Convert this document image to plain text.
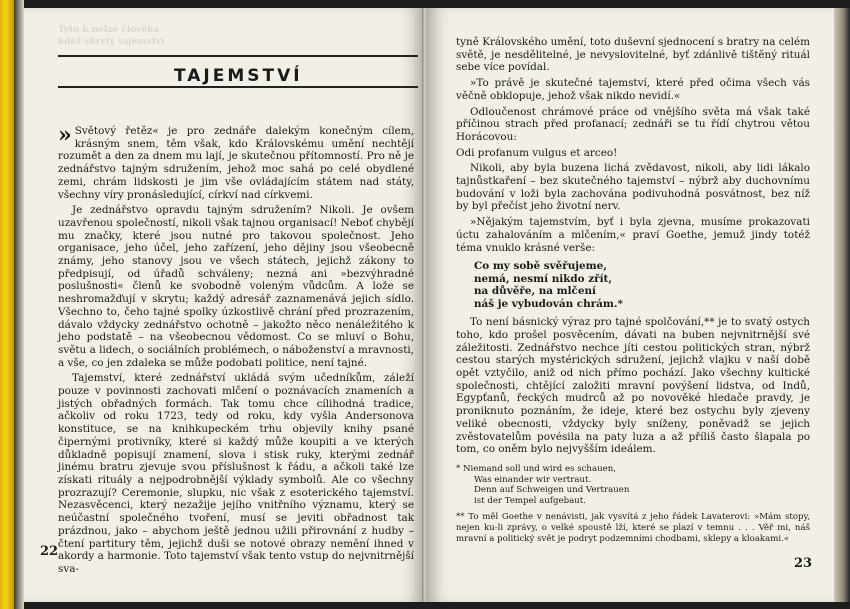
Tyto k nelze člověka
kdež skrytý tajemství
TAJEMSTVÍ

» Světový řetěz« je pro zednáře dalekým konečným cílem, krásným snem, těm však, kdo Královskému umění nechtějí rozumět a den za dnem mu lají, je skutečnou přítomností. Pro ně je zednářstvo tajným sdružením, jehož moc sahá po celé obydlené zemi, chrám lidskosti je jim vše ovládajícím státem nad státy, všechny víry pronásledující, církví nad církvemi.

Je zednářstvo opravdu tajným sdružením? Nikoli. Je ovšem uzavřenou společností, nikoli však tajnou organisací! Neboť chybějí mu značky, které jsou nutné pro takovou společnost. Jeho organisace, jeho účel, jeho zařízení, jeho dějiny jsou všeobecně známy, jeho stanovy jsou ve všech státech, jejichž zákony to předpisují, od úřadů schváleny; nezná ani »bezvýhradné poslušnosti« členů ke svobodně voleným vůdcům. A lože se neshromažďují v skrytu; každý adresář zaznamenává jejich sídlo. Všechno to, čeho tajné spolky úzkostlivě chrání před prozrazením, dávalo vždycky zednářstvo ochotně – jakožto něco nenáležitého k jeho podstatě – na všeobecnou vědomost. Co se mluví o Bohu, světu a lidech, o sociálních problémech, o náboženství a mravnosti, a vše, co jen zdaleka se může podobati politice, není tajné.

Tajemství, které zednářství ukládá svým učedníkům, záleží pouze v povinnosti zachovati mlčení o poznávacích znameních a jistých obřadných formách. Tak tomu chce cílihodná tradice, ačkoliv od roku 1723, tedy od roku, kdy vyšla Andersonova konstituce, se na knihkupeckém trhu objevily knihy psané čipernými protivníky, které si každý může koupiti a ve kterých důkladně popisují znamení, slova i stisk ruky, kterými zednář jinému bratru zjevuje svou příslušnost k řádu, a ačkoli také lze získati rituály a nejpodrobnější výklady symbolů. Ale co všechny prozrazují? Ceremonie, slupku, nic však z esoterického tajemství. Nezasvěcenci, který nezažije jejího vnitřního významu, který se neúčastní společného tvoření, musí se jeviti obřadnost tak prázdnou, jako – abychom ještě jednou užili přirovnání z hudby – čtení partitury těm, jejichž duši se notové obrazy nemění ihned v akordy a harmonie. Toto tajemství však tento vstup do nejvnitrnější sva-

22

tyně Královského umění, toto duševní sjednocení s bratry na celém světě, je nesdělitelné, je nevyslovitelné, byť zdánlivě tištěný rituál sebe více povídal.

»To právě je skutečné tajemství, které před očima všech vás věčně obklopuje, jehož však nikdo nevidí.«

Odloučenost chrámové práce od vnějšího světa má však také příčinou strach před profanací; zednáři se tu řídí chytrou větou Horácovou:

Odi profanum vulgus et arceo!

Nikoli, aby byla buzena lichá zvědavost, nikoli, aby lidi lákalo tajnůstkaření – bez skutečného tajemství – nýbrž aby duchovnímu budování v loži byla zachována podivuhodná posvátnost, bez níž by byl přečíst jeho životní nerv.

»Nějakým tajemstvím, byť i byla zjevna, musíme prokazovati úctu zahalováním a mlčením,« praví Goethe, jemuž jindy totéž téma vnuklo krásné verše:

Co my sobě svěřujeme,
nemá, nesmí nikdo zřít,
na důvěře, na mlčení
náš je vybudován chrám.*

To není básnický výraz pro tajné spolčování,** je to svatý ostych toho, kdo prošel posvěcením, dávati na buben nejvnitrnější své záležitosti. Zednářstvo nechce jíti cestou politických stran, nýbrž cestou starých mystérických sdružení, jejichž vlajku v naší době opět vztyčilo, aniž od nich přímo pochází. Jako všechny kultické společnosti, chtějící založiti mravní povýšení lidstva, od Indů, Egypťanů, řeckých mudrců až po novověké hledače pravdy, je proniknuto poznáním, že ideje, které bez ostychu byly zjeveny veliké obecnosti, vždycky byly sníženy, poněvadž se jejich zvěstovatelům povésila na paty luza a až příliš často šlapala po tom, co oněm bylo nejvyšším ideálem.

* Niemand soll und wird es schauen,
Was einander wir vertraut.
Denn auf Schweigen und Vertrauen
ist der Tempel aufgebaut.
** To měl Goethe v nenávisti, jak vysvítá z jeho řádek Lavaterovi: »Mám stopy, nejen ku-li zprávy, o velké spoustě lží, které se plazí v temnu . . . Věř mi, náš mravní a politický svět je podryt podzemními chodbami, sklepy a kloakami.«
23
